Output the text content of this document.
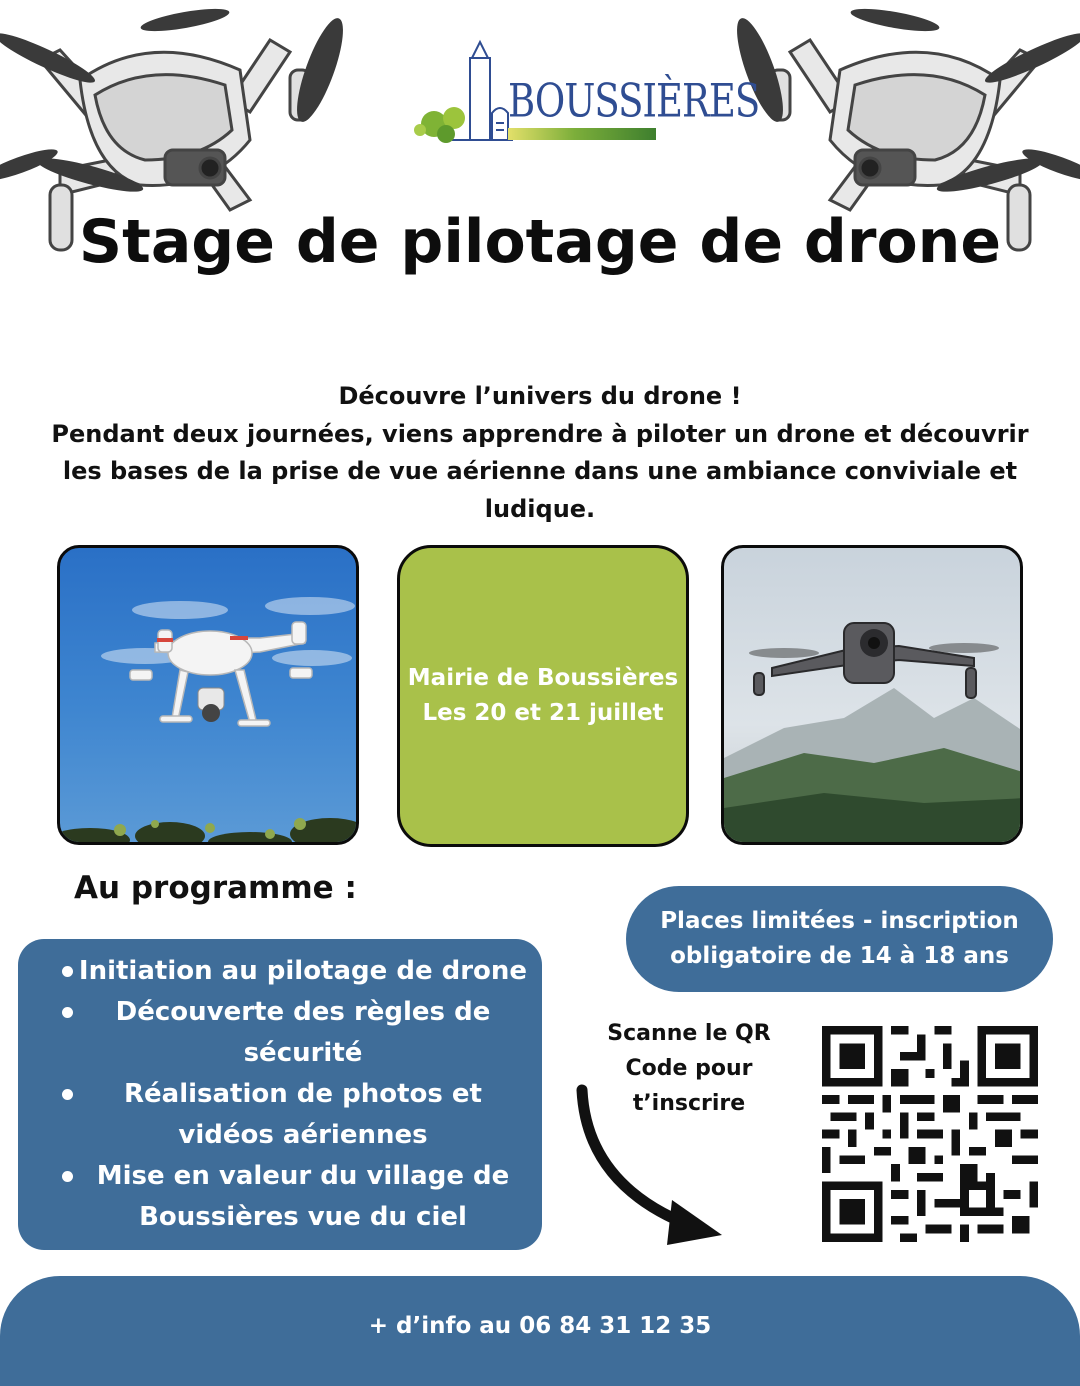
BOUSSIÈRES
Stage de pilotage de drone
Découvre l’univers du drone !
Pendant deux journées, viens apprendre à piloter un drone et découvrir les bases de la prise de vue aérienne dans une ambiance conviviale et ludique.
Mairie de Boussières
Les 20 et 21 juillet
Au programme :
Initiation au pilotage de drone
Découverte des règles de sécurité
Réalisation de photos et vidéos aériennes
Mise en valeur du village de Boussières vue du ciel
Places limitées - inscription obligatoire de 14 à 18 ans
Scanne le QR Code pour t’inscrire
+ d’info au 06 84 31 12 35
